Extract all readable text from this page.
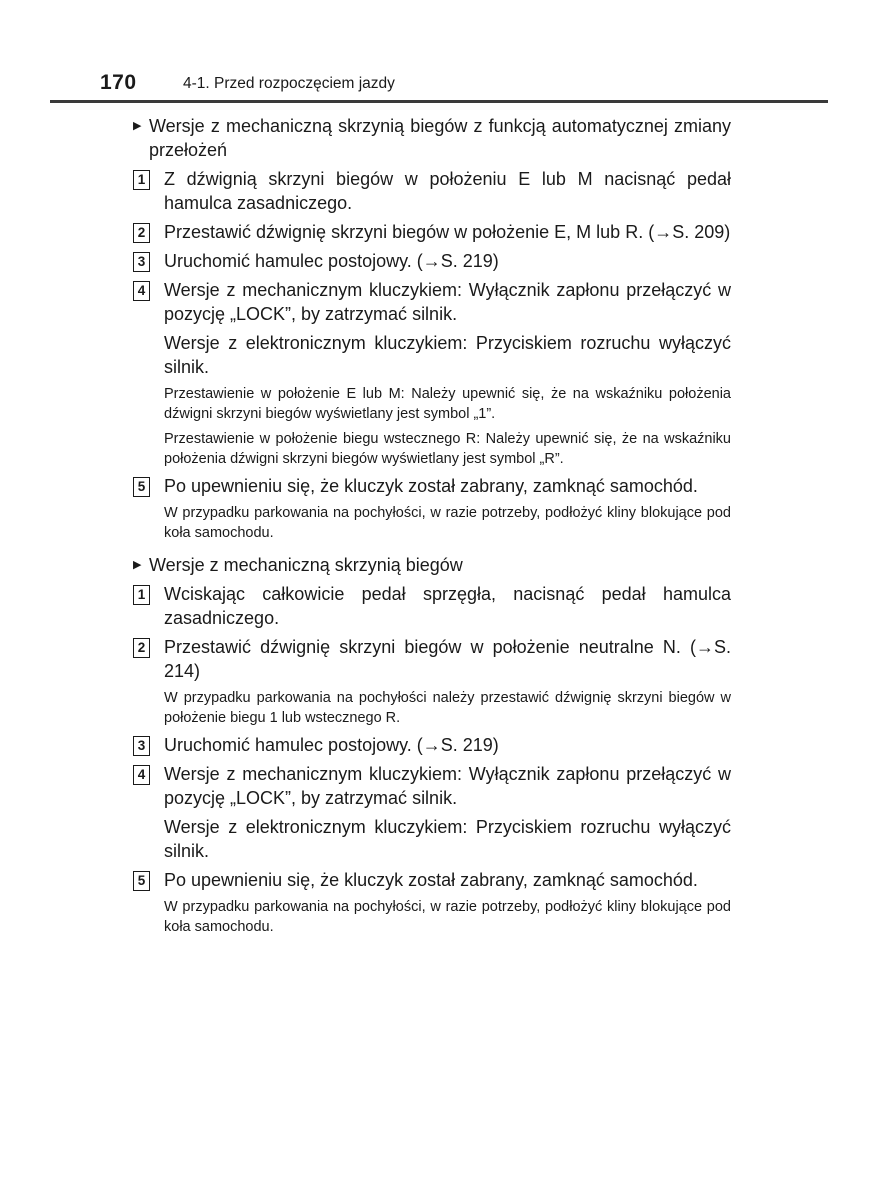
170	4-1. Przed rozpoczęciem jazdy
▶ Wersje z mechaniczną skrzynią biegów z funkcją automatycznej zmiany przełożeń
1 Z dźwignią skrzyni biegów w położeniu E lub M nacisnąć pedał hamulca zasadniczego.
2 Przestawić dźwignię skrzyni biegów w położenie E, M lub R. (→S. 209)
3 Uruchomić hamulec postojowy. (→S. 219)
4 Wersje z mechanicznym kluczykiem: Wyłącznik zapłonu przełączyć w pozycję „LOCK”, by zatrzymać silnik.
Wersje z elektronicznym kluczykiem: Przyciskiem rozruchu wyłączyć silnik.
Przestawienie w położenie E lub M: Należy upewnić się, że na wskaźniku położenia dźwigni skrzyni biegów wyświetlany jest symbol „1”.
Przestawienie w położenie biegu wstecznego R: Należy upewnić się, że na wskaźniku położenia dźwigni skrzyni biegów wyświetlany jest symbol „R”.
5 Po upewnieniu się, że kluczyk został zabrany, zamknąć samochód.
W przypadku parkowania na pochyłości, w razie potrzeby, podłożyć kliny blokujące pod koła samochodu.
▶ Wersje z mechaniczną skrzynią biegów
1 Wciskając całkowicie pedał sprzęgła, nacisnąć pedał hamulca zasadniczego.
2 Przestawić dźwignię skrzyni biegów w położenie neutralne N. (→S. 214)
W przypadku parkowania na pochyłości należy przestawić dźwignię skrzyni biegów w położenie biegu 1 lub wstecznego R.
3 Uruchomić hamulec postojowy. (→S. 219)
4 Wersje z mechanicznym kluczykiem: Wyłącznik zapłonu przełączyć w pozycję „LOCK”, by zatrzymać silnik.
Wersje z elektronicznym kluczykiem: Przyciskiem rozruchu wyłączyć silnik.
5 Po upewnieniu się, że kluczyk został zabrany, zamknąć samochód.
W przypadku parkowania na pochyłości, w razie potrzeby, podłożyć kliny blokujące pod koła samochodu.
